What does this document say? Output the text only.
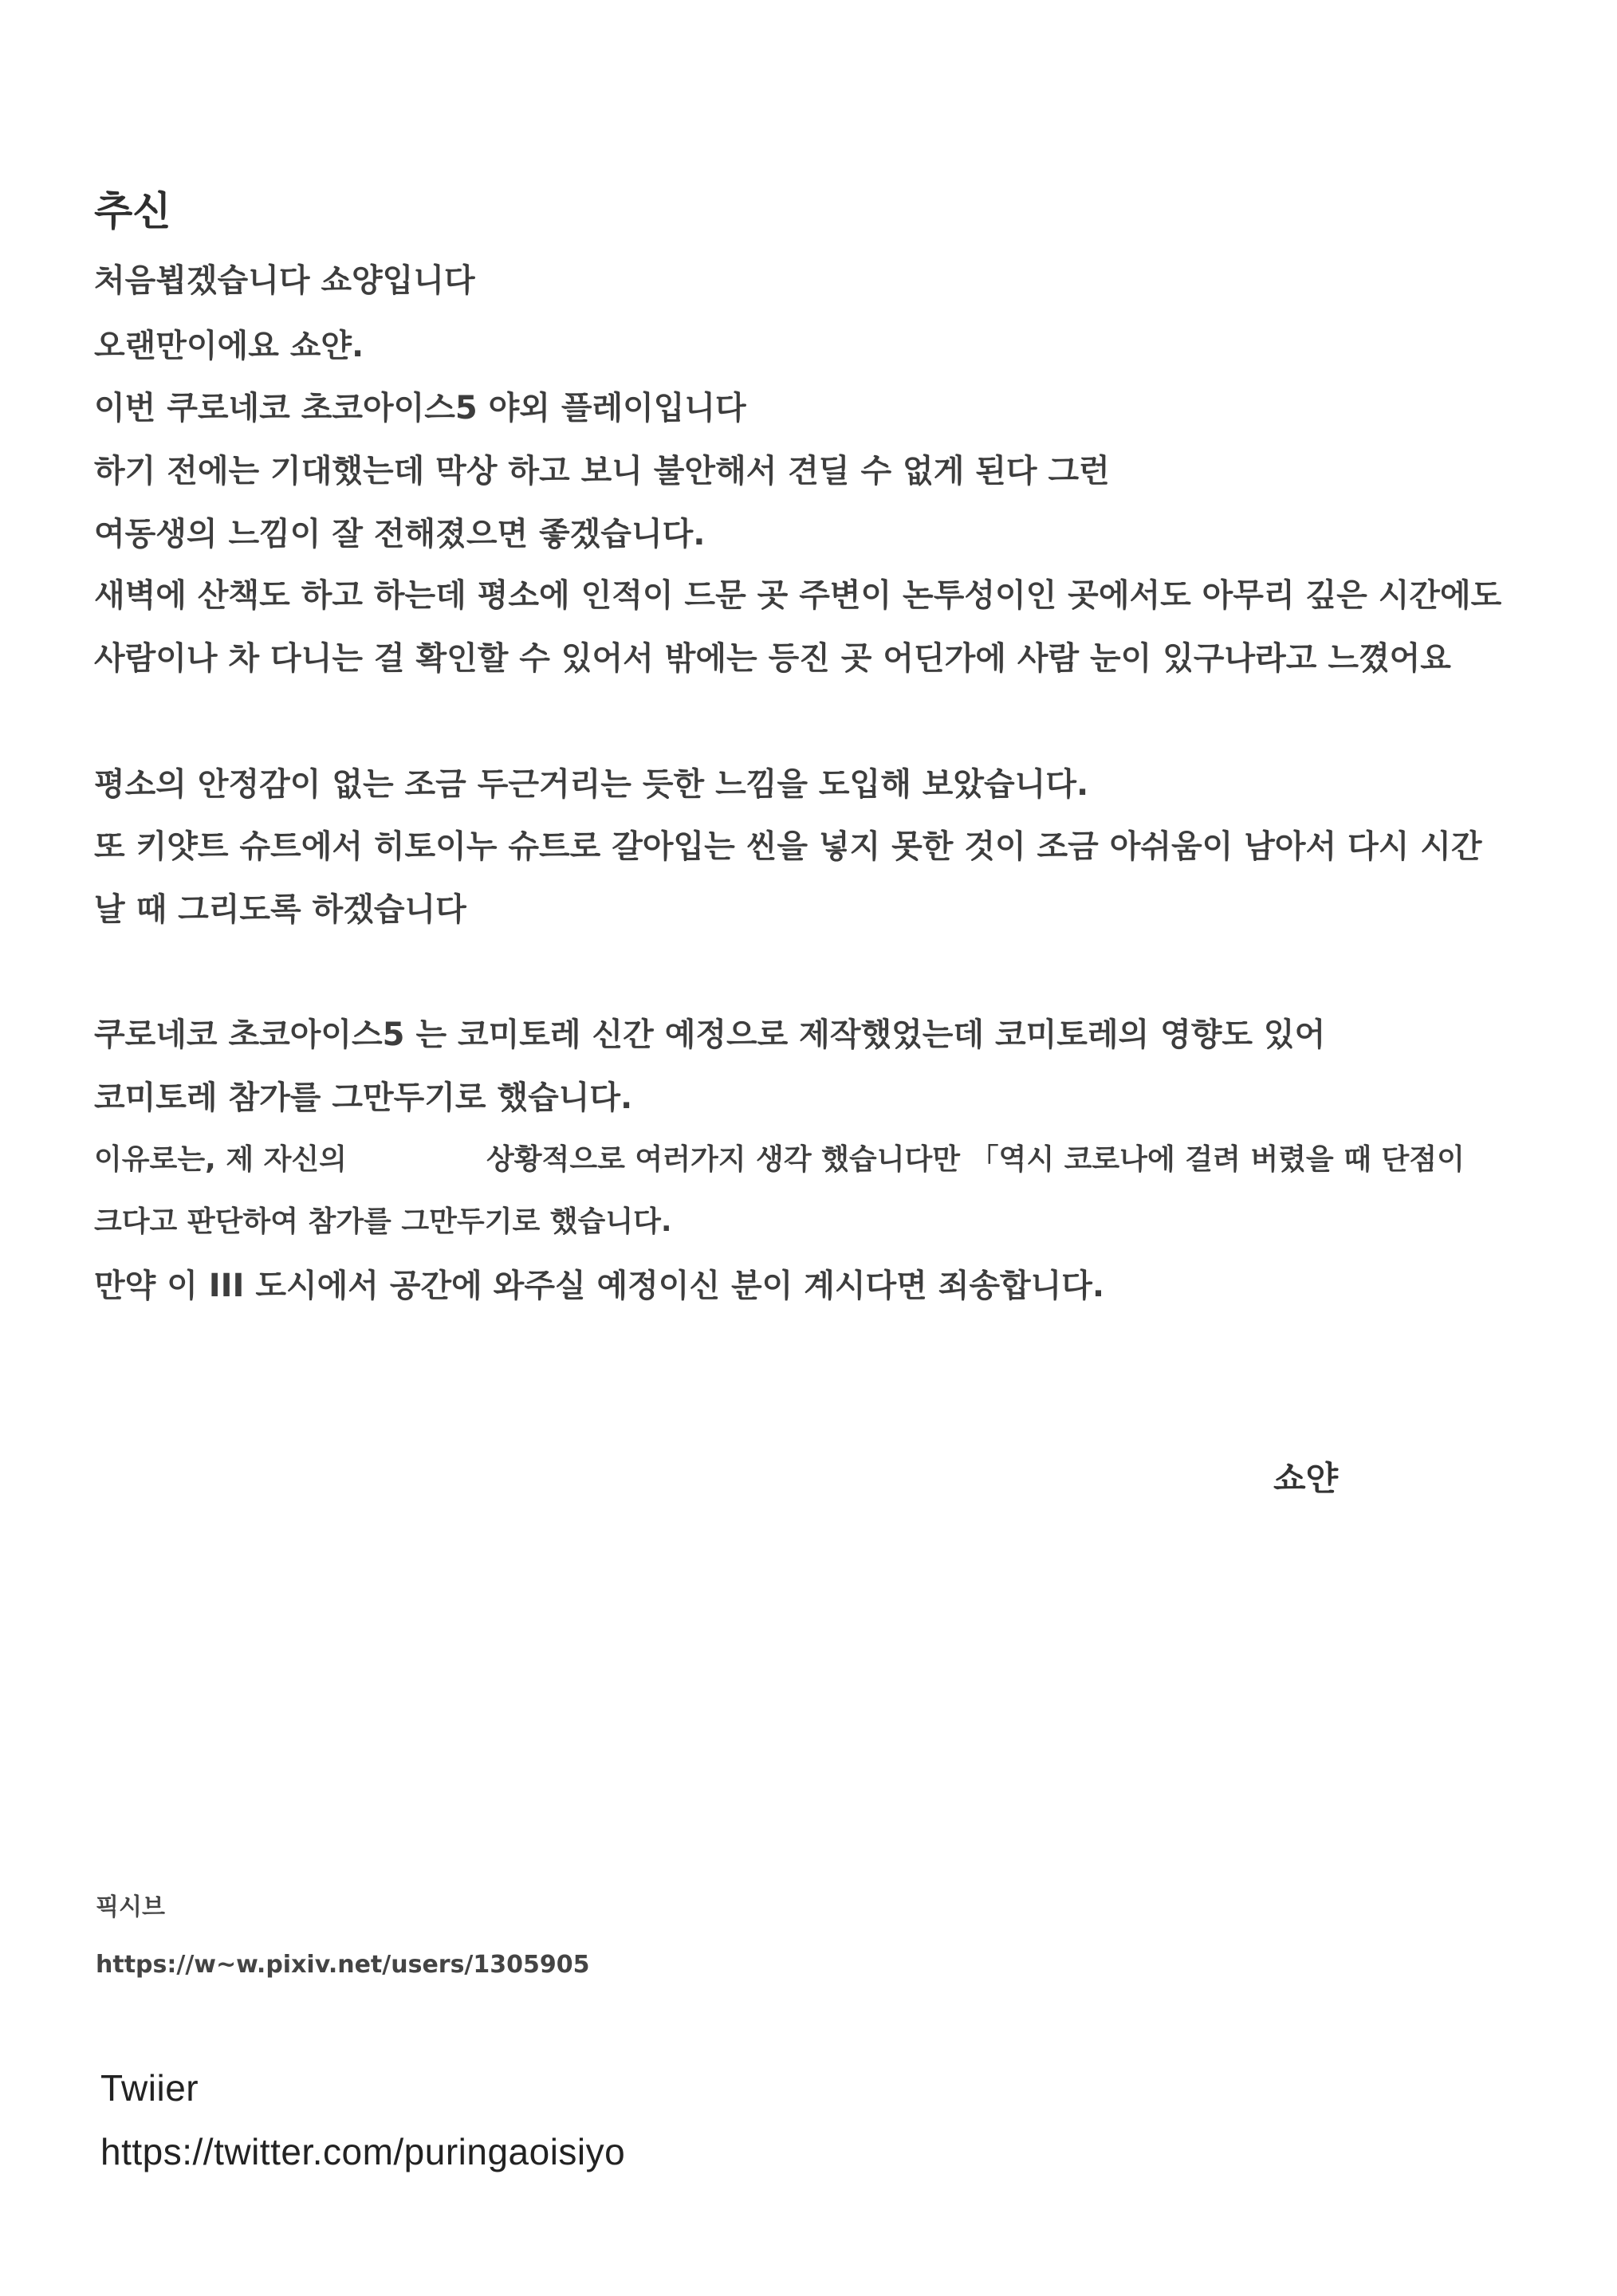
추신
처음뵙겠습니다 쇼양입니다
오랜만이에요 쇼얀.
이번 쿠로네코 초코아이스5 야외 플레이입니다
하기 전에는 기대했는데 막상 하고 보니 불안해서 견딜 수 없게 된다 그런
여동생의 느낌이 잘 전해졌으면 좋겠습니다.
새벽에 산책도 하고 하는데 평소에 인적이 드문 곳 주변이 논투성이인 곳에서도 아무리 깊은 시간에도
사람이나 차 다니는 걸 확인할 수 있어서 밖에는 등진 곳 어딘가에 사람 눈이 있구나라고 느꼈어요
평소의 안정감이 없는 조금 두근거리는 듯한 느낌을 도입해 보았습니다.
또 키얏트 슈트에서 히토이누 슈트로 갈아입는 씬을 넣지 못한 것이 조금 아쉬움이 남아서 다시 시간
날 때 그리도록 하겠습니다
쿠로네코 초코아이스5 는 코미토레 신간 예정으로 제작했었는데 코미토레의 영향도 있어
코미토레 참가를 그만두기로 했습니다.
이유로는, 제 자신의	상황적으로 여러가지 생각 했습니다만 「역시 코로나에 걸려 버렸을 때 단점이
크다고 판단하여 참가를 그만두기로 했습니다.
만약 이 III 도시에서 공간에 와주실 예정이신 분이 계시다면 죄송합니다.
쇼얀
픽시브
https://w~w.pixiv.net/users/1305905
Twiier
https://twitter.com/puringaoisiyo
